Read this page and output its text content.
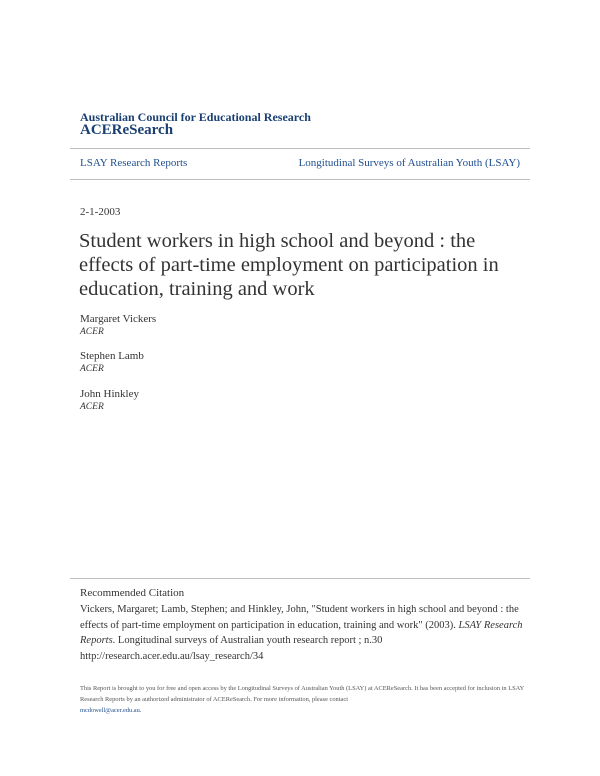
Australian Council for Educational Research
ACEReSearch
LSAY Research Reports	Longitudinal Surveys of Australian Youth (LSAY)
2-1-2003
Student workers in high school and beyond : the effects of part-time employment on participation in education, training and work
Margaret Vickers
ACER
Stephen Lamb
ACER
John Hinkley
ACER
Recommended Citation
Vickers, Margaret; Lamb, Stephen; and Hinkley, John, "Student workers in high school and beyond : the effects of part-time employment on participation in education, training and work" (2003). LSAY Research Reports. Longitudinal surveys of Australian youth research report ; n.30
http://research.acer.edu.au/lsay_research/34
This Report is brought to you for free and open access by the Longitudinal Surveys of Australian Youth (LSAY) at ACEReSearch. It has been accepted for inclusion in LSAY Research Reports by an authorized administrator of ACEReSearch. For more information, please contact
mcdowell@acer.edu.au.
